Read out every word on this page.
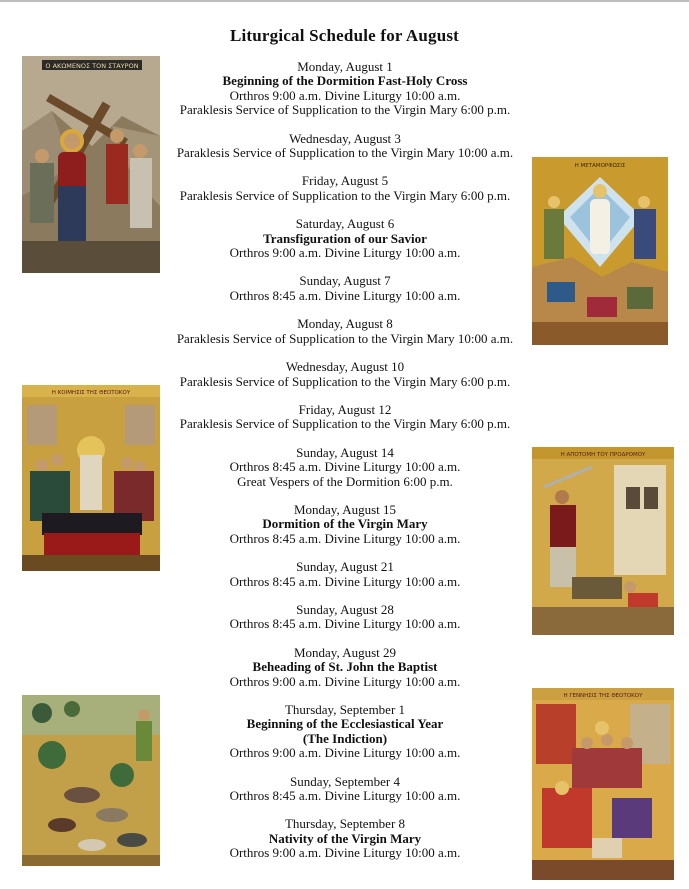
Liturgical Schedule for August
Ο ΑΚΩΜΕΝΟΣ ΤΟΝ ΣΤΑΥΡΟΝ
Η ΜΕΤΑΜΟΡΦΩΣΙΣ
Η ΚΟΙΜΗΣΙΣ ΤΗΣ ΘΕΟΤΟΚΟΥ
Η ΑΠΟΤΟΜΗ ΤΟΥ ΠΡΟΔΡΟΜΟΥ
Η ΓΕΝΝΗΣΙΣ ΤΗΣ ΘΕΟΤΟΚΟΥ
Monday, August 1
Beginning of the Dormition Fast-Holy Cross
Orthros 9:00 a.m. Divine Liturgy 10:00 a.m.
Paraklesis Service of Supplication to the Virgin Mary 6:00 p.m.
Wednesday, August 3
Paraklesis Service of Supplication to the Virgin Mary 10:00 a.m.
Friday, August 5
Paraklesis Service of Supplication to the Virgin Mary 6:00 p.m.
Saturday, August 6
Transfiguration of our Savior
Orthros 9:00 a.m. Divine Liturgy 10:00 a.m.
Sunday, August 7
Orthros 8:45 a.m. Divine Liturgy 10:00 a.m.
Monday, August 8
Paraklesis Service of Supplication to the Virgin Mary 10:00 a.m.
Wednesday, August 10
Paraklesis Service of Supplication to the Virgin Mary 6:00 p.m.
Friday, August 12
Paraklesis Service of Supplication to the Virgin Mary 6:00 p.m.
Sunday, August 14
Orthros 8:45 a.m. Divine Liturgy 10:00 a.m.
Great Vespers of the Dormition 6:00 p.m.
Monday, August 15
Dormition of the Virgin Mary
Orthros 8:45 a.m. Divine Liturgy 10:00 a.m.
Sunday, August 21
Orthros 8:45 a.m. Divine Liturgy 10:00 a.m.
Sunday, August 28
Orthros 8:45 a.m. Divine Liturgy 10:00 a.m.
Monday, August 29
Beheading of St. John the Baptist
Orthros 9:00 a.m. Divine Liturgy 10:00 a.m.
Thursday, September 1
Beginning of the Ecclesiastical Year
(The Indiction)
Orthros 9:00 a.m. Divine Liturgy 10:00 a.m.
Sunday, September 4
Orthros 8:45 a.m. Divine Liturgy 10:00 a.m.
Thursday, September 8
Nativity of the Virgin Mary
Orthros 9:00 a.m. Divine Liturgy 10:00 a.m.
